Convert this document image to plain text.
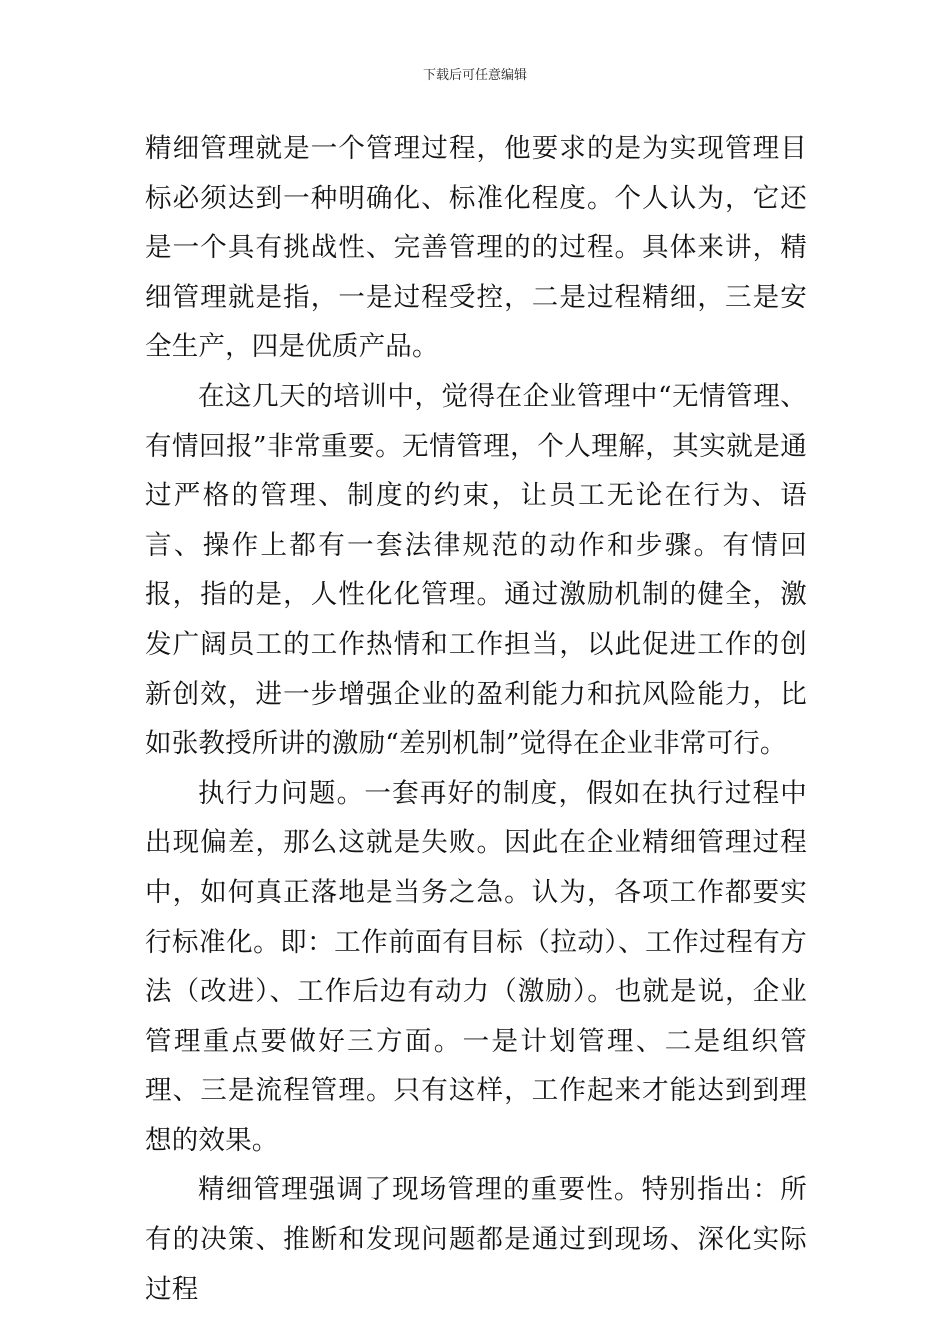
下载后可任意编辑

精细管理就是一个管理过程，他要求的是为实现管理目标必须达到一种明确化、标准化程度。个人认为，它还是一个具有挑战性、完善管理的的过程。具体来讲，精细管理就是指，一是过程受控，二是过程精细，三是安全生产，四是优质产品。

在这几天的培训中，觉得在企业管理中“无情管理、有情回报”非常重要。无情管理，个人理解，其实就是通过严格的管理、制度的约束，让员工无论在行为、语言、操作上都有一套法律规范的动作和步骤。有情回报，指的是，人性化化管理。通过激励机制的健全，激发广阔员工的工作热情和工作担当，以此促进工作的创新创效，进一步增强企业的盈利能力和抗风险能力，比如张教授所讲的激励“差别机制”觉得在企业非常可行。

执行力问题。一套再好的制度，假如在执行过程中出现偏差，那么这就是失败。因此在企业精细管理过程中，如何真正落地是当务之急。认为，各项工作都要实行标准化。即：工作前面有目标（拉动）、工作过程有方法（改进）、工作后边有动力（激励）。也就是说，企业管理重点要做好三方面。一是计划管理、二是组织管理、三是流程管理。只有这样，工作起来才能达到到理想的效果。

精细管理强调了现场管理的重要性。特别指出：所有的决策、推断和发现问题都是通过到现场、深化实际过程
